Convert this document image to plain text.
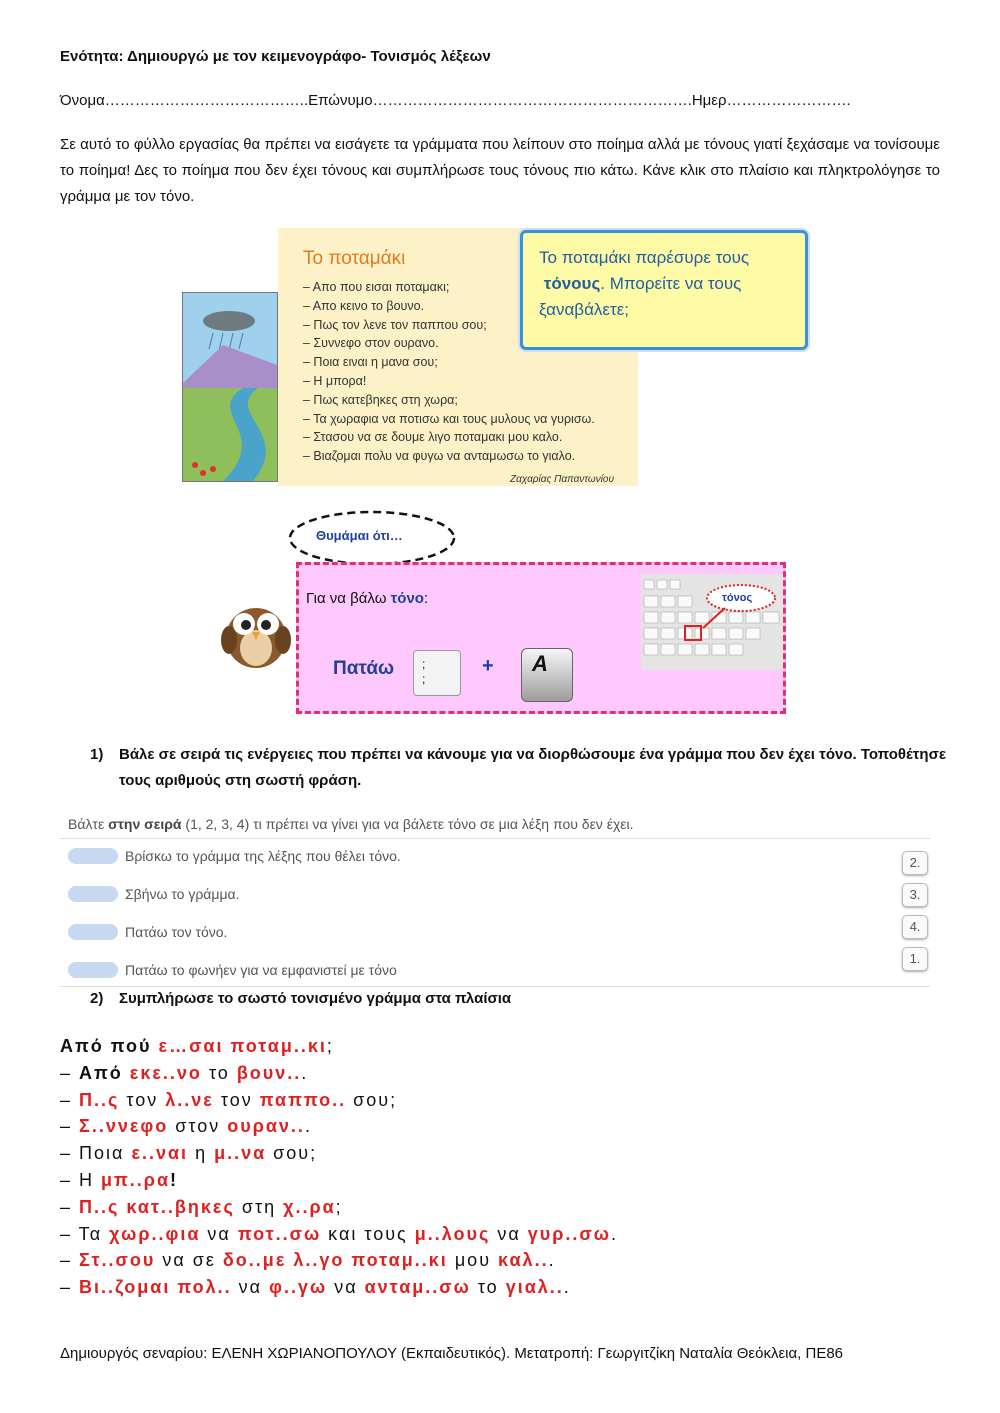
Ενότητα: Δημιουργώ με τον κειμενογράφο- Τονισμός λέξεων
Όνομα…………………………………..Επώνυμο……………………………………………………….Ημερ…………………….
Σε αυτό το φύλλο εργασίας θα πρέπει να εισάγετε τα γράμματα που λείπουν στο ποίημα αλλά με τόνους γιατί ξεχάσαμε να τονίσουμε το ποίημα! Δες το ποίημα που δεν έχει τόνους και συμπλήρωσε τους τόνους πιο κάτω. Κάνε κλικ στο πλαίσιο και πληκτρολόγησε το γράμμα με τον τόνο.
Το ποταμάκι
– Απο που εισαι ποταμακι;
– Απο κεινο το βουνο.
– Πως τον λενε τον παππου σου;
– Συννεφο στον ουρανο.
– Ποια ειναι η μανα σου;
– Η μπορα!
– Πως κατεβηκες στη χωρα;
– Τα χωραφια να ποτισω και τους μυλους να γυρισω.
– Στασου να σε δουμε λιγο ποταμακι μου καλο.
– Βιαζομαι πολυ να φυγω να ανταμωσω το γιαλο.
Ζαχαρίας Παπαντωνίου
Το ποταμάκι παρέσυρε τους
τόνους. Μπορείτε να τους
ξαναβάλετε;
Θυμάμαι ότι…
Για να βάλω τόνο:
Πατάω ;
;
+	A
τόνος
1) Βάλε σε σειρά τις ενέργειες που πρέπει να κάνουμε για να διορθώσουμε ένα γράμμα που δεν έχει τόνο. Τοποθέτησε τους αριθμούς στη σωστή φράση.
Βάλτε στην σειρά (1, 2, 3, 4) τι πρέπει να γίνει για να βάλετε τόνο σε μια λέξη που δεν έχει.
Βρίσκω το γράμμα της λέξης που θέλει τόνο.
Σβήνω το γράμμα.
Πατάω τον τόνο.
Πατάω το φωνήεν για να εμφανιστεί με τόνο
2.
3.
4.
1.
2) Συμπλήρωσε το σωστό τονισμένο γράμμα στα πλαίσια
Από πού ε…σαι ποταμ..κι;
– Από εκε..νο το βουν...
– Π..ς τον λ..νε τον παππο.. σου;
– Σ..ννεφο στον ουραν...
– Ποια ε..ναι η μ..να σου;
– Η μπ..ρα!
– Π..ς κατ..βηκες στη χ..ρα;
– Τα χωρ..φια να ποτ..σω και τους μ..λους να γυρ..σω.
– Στ..σου να σε δο..με λ..γο ποταμ..κι μου καλ...
– Βι..ζομαι πολ.. να φ..γω να ανταμ..σω το γιαλ...
Δημιουργός σεναρίου: ΕΛΕΝΗ ΧΩΡΙΑΝΟΠΟΥΛΟΥ (Εκπαιδευτικός). Μετατροπή: Γεωργιτζίκη Ναταλία Θεόκλεια, ΠΕ86
